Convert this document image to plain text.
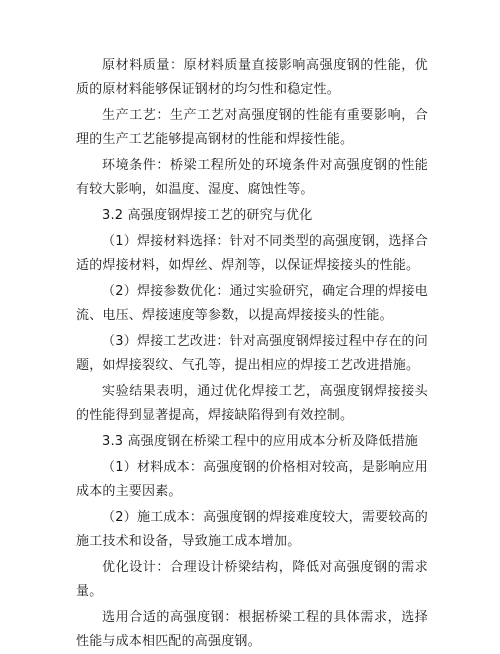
原材料质量：原材料质量直接影响高强度钢的性能，优质的原材料能够保证钢材的均匀性和稳定性。

生产工艺：生产工艺对高强度钢的性能有重要影响，合理的生产工艺能够提高钢材的性能和焊接性能。

环境条件：桥梁工程所处的环境条件对高强度钢的性能有较大影响，如温度、湿度、腐蚀性等。

3.2 高强度钢焊接工艺的研究与优化

（1）焊接材料选择：针对不同类型的高强度钢，选择合适的焊接材料，如焊丝、焊剂等，以保证焊接接头的性能。

（2）焊接参数优化：通过实验研究，确定合理的焊接电流、电压、焊接速度等参数，以提高焊接接头的性能。

（3）焊接工艺改进：针对高强度钢焊接过程中存在的问题，如焊接裂纹、气孔等，提出相应的焊接工艺改进措施。

实验结果表明，通过优化焊接工艺，高强度钢焊接接头的性能得到显著提高，焊接缺陷得到有效控制。

3.3 高强度钢在桥梁工程中的应用成本分析及降低措施

（1）材料成本：高强度钢的价格相对较高，是影响应用成本的主要因素。

（2）施工成本：高强度钢的焊接难度较大，需要较高的施工技术和设备，导致施工成本增加。

优化设计：合理设计桥梁结构，降低对高强度钢的需求量。

选用合适的高强度钢：根据桥梁工程的具体需求，选择性能与成本相匹配的高强度钢。
